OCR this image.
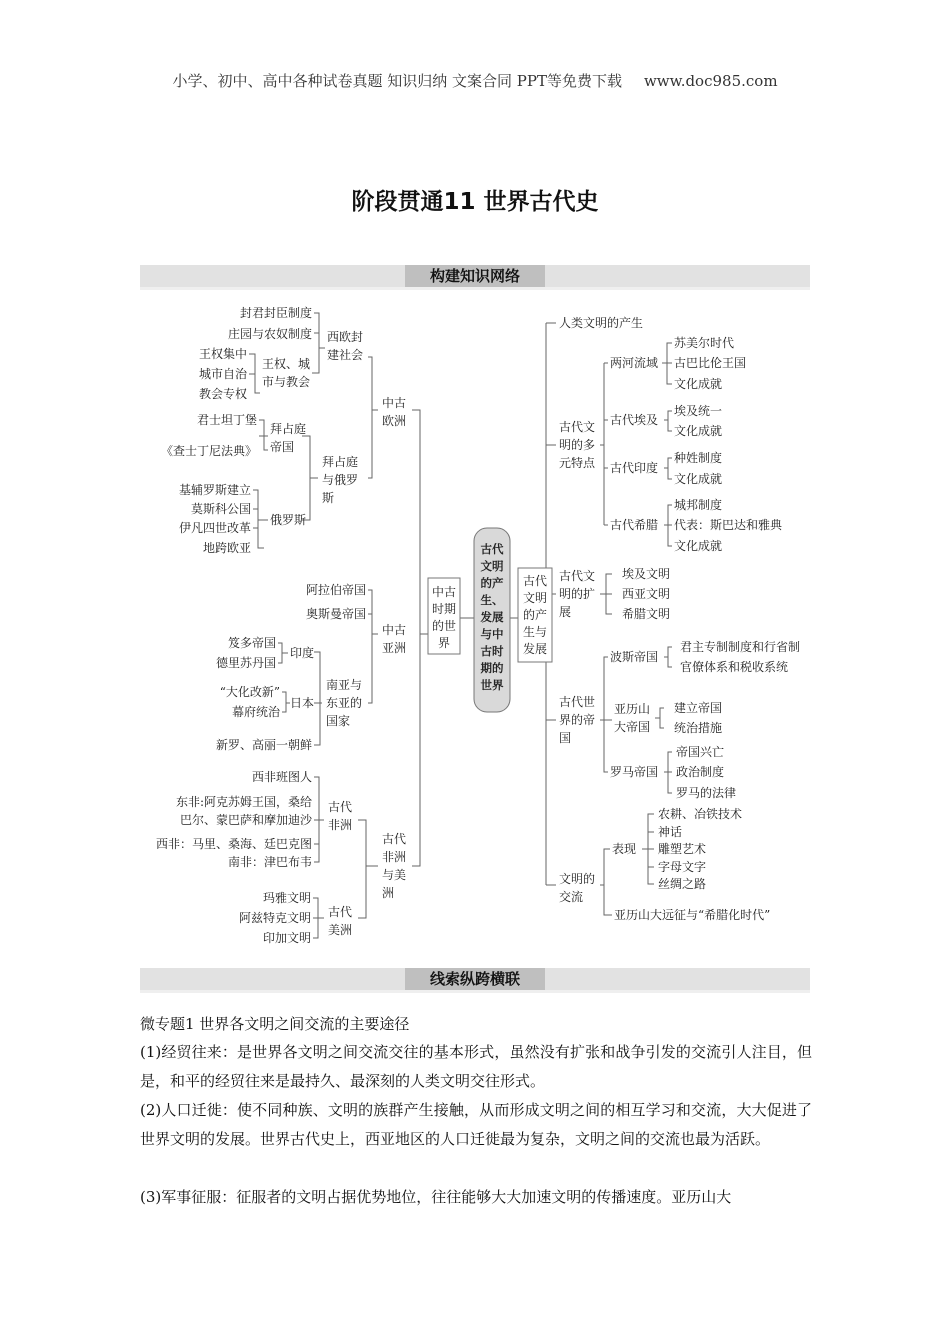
小学、初中、高中各种试卷真题 知识归纳 文案合同 PPT等免费下载 www.doc985.com
阶段贯通11 世界古代史
构建知识网络
线索纵跨横联
古代
文明
的产
生、
发展
与中
古时
期的
世界
中古
时期
的世
界
古代
文明
的产
生与
发展
封君封臣制度
庄园与农奴制度
王权集中
城市自治
教会专权
君士坦丁堡
《查士丁尼法典》
基辅罗斯建立
莫斯科公国
伊凡四世改革
地跨欧亚
西欧封
建社会
王权、城
市与教会
拜占庭
帝国
俄罗斯
拜占庭
与俄罗
斯
中古
欧洲
阿拉伯帝国
奥斯曼帝国
笈多帝国
德里苏丹国
“大化改新”
幕府统治
新罗、高丽一朝鲜
印度
日本
南亚与
东亚的
国家
中古
亚洲
西非班图人
东非:阿克苏姆王国，桑给
巴尔、蒙巴萨和摩加迪沙
西非：马里、桑海、廷巴克图
南非：津巴布韦
玛雅文明
阿兹特克文明
印加文明
古代
非洲
古代
美洲
古代
非洲
与美
洲
人类文明的产生
古代文
明的多
元特点
两河流域
古代埃及
古代印度
古代希腊
古代文
明的扩
展
古代世
界的帝
国
波斯帝国
亚历山
大帝国
罗马帝国
文明的
交流
表现
亚历山大远征与“希腊化时代”
苏美尔时代
古巴比伦王国
文化成就
埃及统一
文化成就
种姓制度
文化成就
城邦制度
代表：斯巴达和雅典
文化成就
埃及文明
西亚文明
希腊文明
君主专制制度和行省制
官僚体系和税收系统
建立帝国
统治措施
帝国兴亡
政治制度
罗马的法律
农耕、冶铁技术
神话
雕塑艺术
字母文字
丝绸之路
微专题1 世界各文明之间交流的主要途径
(1)经贸往来：是世界各文明之间交流交往的基本形式，虽然没有扩张和战争引发的交流引人注目，但是，和平的经贸往来是最持久、最深刻的人类文明交往形式。
(2)人口迁徙：使不同种族、文明的族群产生接触，从而形成文明之间的相互学习和交流，大大促进了世界文明的发展。世界古代史上，西亚地区的人口迁徙最为复杂，文明之间的交流也最为活跃。
(3)军事征服：征服者的文明占据优势地位，往往能够大大加速文明的传播速度。亚历山大
